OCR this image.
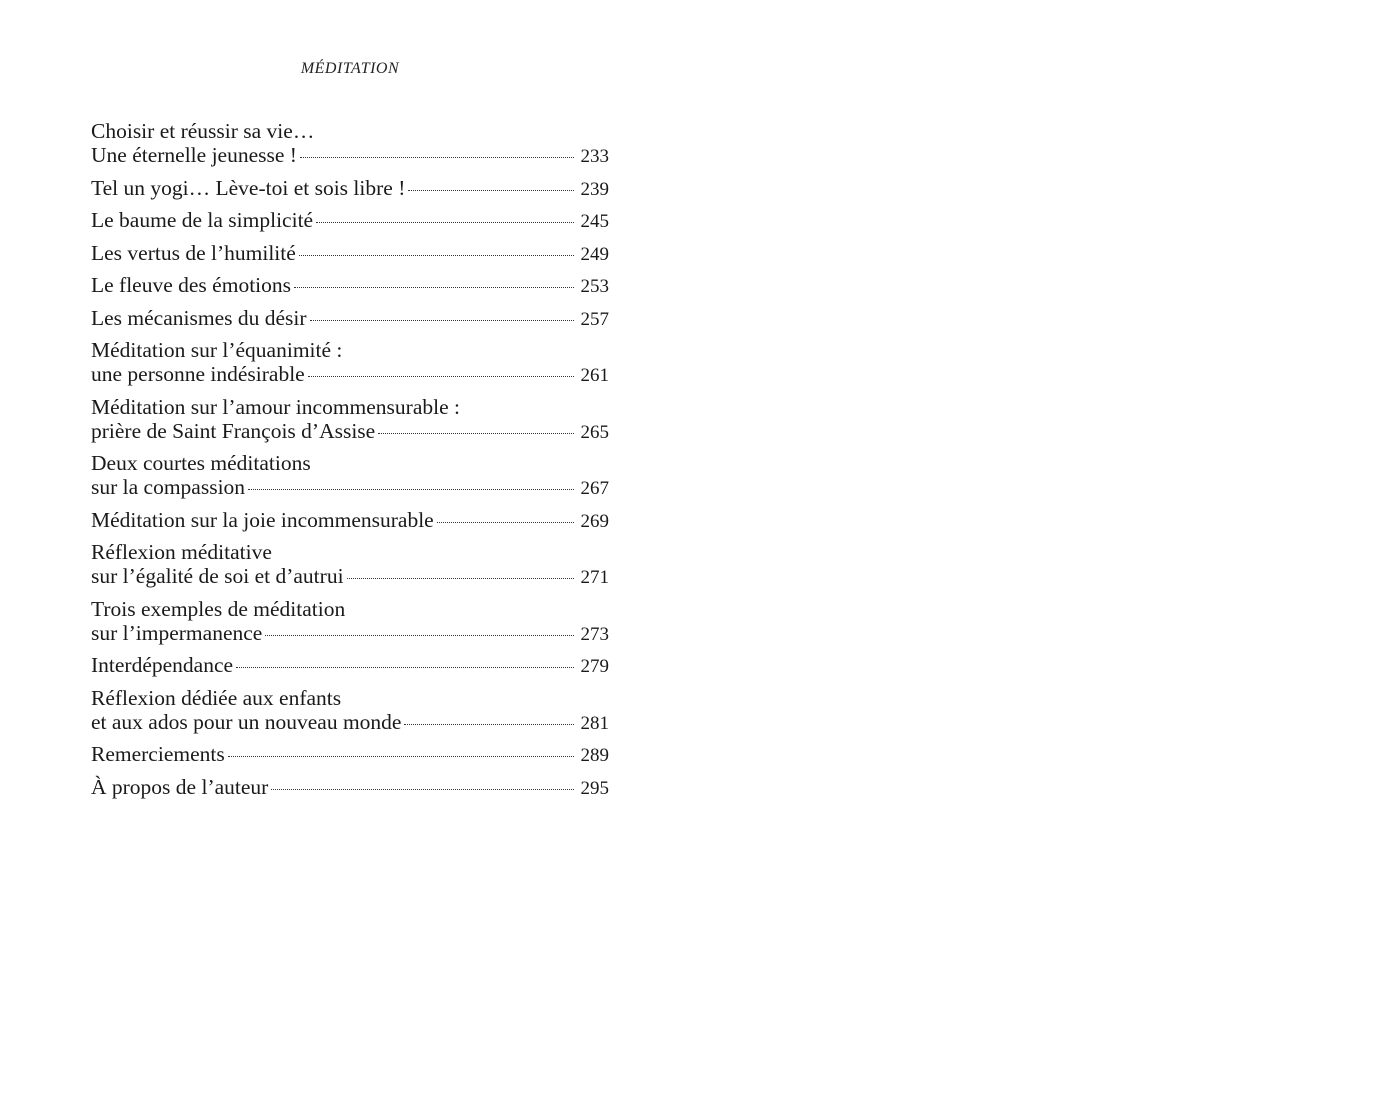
MÉDITATION
Choisir et réussir sa vie…
Une éternelle jeunesse !	233
Tel un yogi… Lève-toi et sois libre !	239
Le baume de la simplicité	245
Les vertus de l’humilité	249
Le fleuve des émotions	253
Les mécanismes du désir	257
Méditation sur l’équanimité :
une personne indésirable	261
Méditation sur l’amour incommensurable :
prière de Saint François d’Assise	265
Deux courtes méditations
sur la compassion	267
Méditation sur la joie incommensurable	269
Réflexion méditative
sur l’égalité de soi et d’autrui	271
Trois exemples de méditation
sur l’impermanence	273
Interdépendance	279
Réflexion dédiée aux enfants
et aux ados pour un nouveau monde	281
Remerciements	289
À propos de l’auteur	295
